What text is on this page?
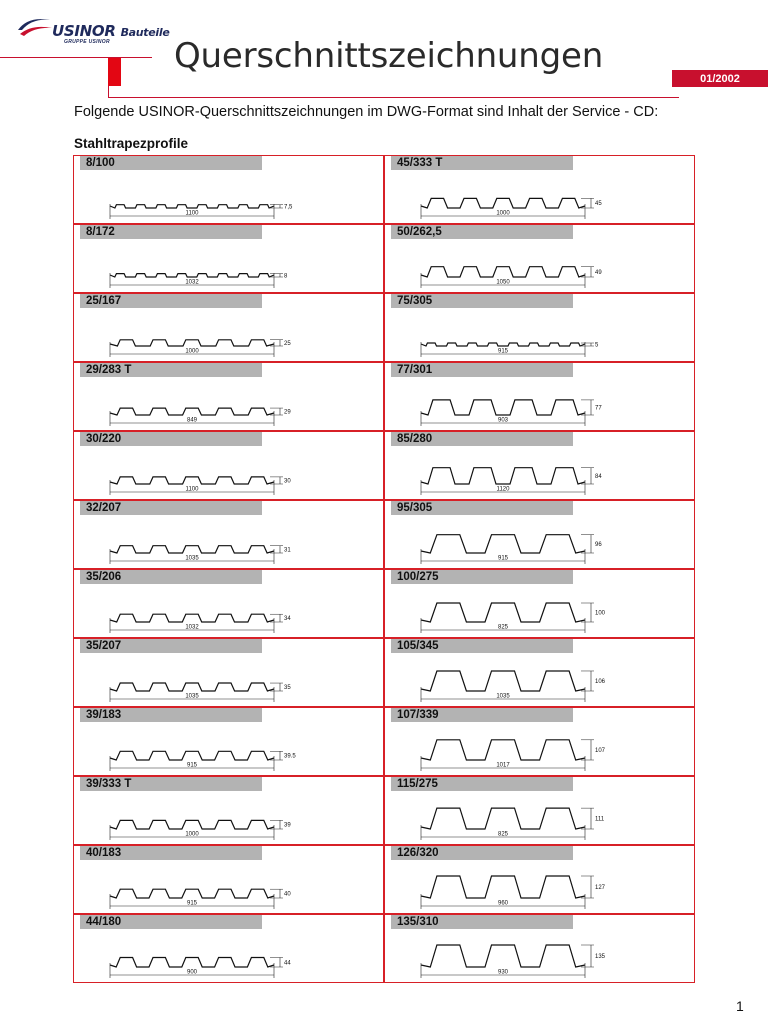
USINOR Bauteile
GRUPPE USINOR Querschnittszeichnungen
01/2002
Folgende USINOR-Querschnittszeichnungen im DWG-Format sind Inhalt der Service - CD:
Stahltrapezprofile
8/100
1100
7,5
45/333 T
1000
45
8/172
1032
8
50/262,5
1050
49
25/167
1000
25
75/305
915
5
29/283 T
849
29
77/301
903
77
30/220
1100
30
85/280
1120
84
32/207
1035
31
95/305
915
96
35/206
1032
34
100/275
825
100
35/207
1035
35
105/345
1035
106
39/183
915
39.5
107/339
1017
107
39/333 T
1000
39
115/275
825
111
40/183
915
40
126/320
960
127
44/180
900
44
135/310
930
135
1
